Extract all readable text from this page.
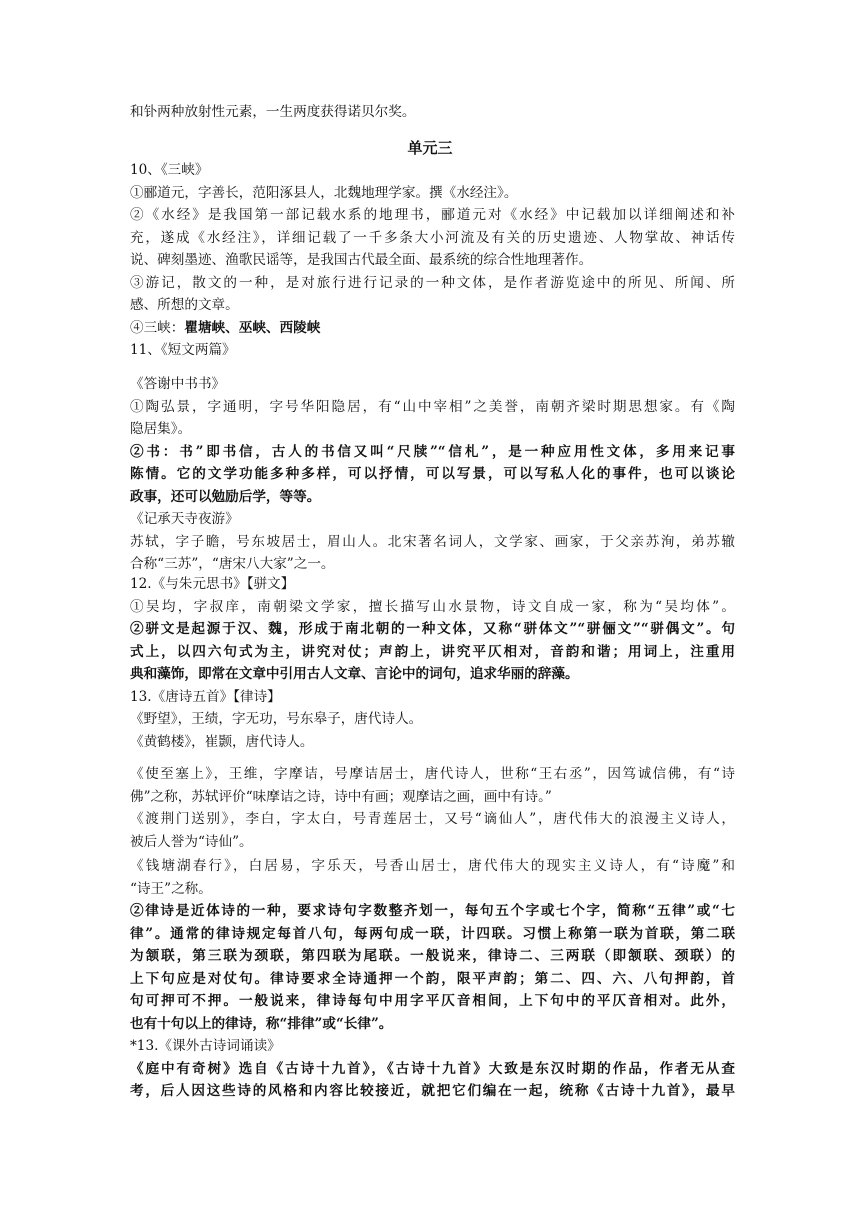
和钋两种放射性元素，一生两度获得诺贝尔奖。
单元三
10、《三峡》
①郦道元，字善长，范阳涿县人，北魏地理学家。撰《水经注》。
②《水经》是我国第一部记载水系的地理书，郦道元对《水经》中记载加以详细阐述和补
充，遂成《水经注》，详细记载了一千多条大小河流及有关的历史遗迹、人物掌故、神话传
说、碑刻墨迹、渔歌民谣等，是我国古代最全面、最系统的综合性地理著作。
③游记，散文的一种，是对旅行进行记录的一种文体，是作者游览途中的所见、所闻、所
感、所想的文章。
④三峡：瞿塘峡、巫峡、西陵峡
11、《短文两篇》
《答谢中书书》
①陶弘景，字通明，字号华阳隐居，有“山中宰相”之美誉，南朝齐梁时期思想家。有《陶
隐居集》。
②书：书”即书信，古人的书信又叫“尺牍”“信札”，是一种应用性文体，多用来记事
陈情。它的文学功能多种多样，可以抒情，可以写景，可以写私人化的事件，也可以谈论
政事，还可以勉励后学，等等。
《记承天寺夜游》
苏轼，字子瞻，号东坡居士，眉山人。北宋著名词人，文学家、画家，于父亲苏洵，弟苏辙
合称“三苏”，“唐宋八大家”之一。
12.《与朱元思书》【骈文】
①吴均，字叔庠，南朝梁文学家，擅长描写山水景物，诗文自成一家，称为“吴均体”。
②骈文是起源于汉、魏，形成于南北朝的一种文体，又称“骈体文”“骈俪文”“骈偶文”。句
式上，以四六句式为主，讲究对仗；声韵上，讲究平仄相对，音韵和谐；用词上，注重用
典和藻饰，即常在文章中引用古人文章、言论中的词句，追求华丽的辞藻。
13.《唐诗五首》【律诗】
《野望》，王绩，字无功，号东皋子，唐代诗人。
《黄鹤楼》，崔颢，唐代诗人。
《使至塞上》，王维，字摩诘，号摩诘居士，唐代诗人，世称“王右丞”，因笃诚信佛，有“诗
佛”之称，苏轼评价“味摩诘之诗，诗中有画；观摩诘之画，画中有诗。”
《渡荆门送别》，李白，字太白，号青莲居士，又号“谪仙人”，唐代伟大的浪漫主义诗人，
被后人誉为“诗仙”。
《钱塘湖春行》，白居易，字乐天，号香山居士，唐代伟大的现实主义诗人，有“诗魔”和
“诗王”之称。
②律诗是近体诗的一种，要求诗句字数整齐划一，每句五个字或七个字，简称“五律”或“七
律”。通常的律诗规定每首八句，每两句成一联，计四联。习惯上称第一联为首联，第二联
为颔联，第三联为颈联，第四联为尾联。一般说来，律诗二、三两联（即颔联、颈联）的
上下句应是对仗句。律诗要求全诗通押一个韵，限平声韵；第二、四、六、八句押韵，首
句可押可不押。一般说来，律诗每句中用字平仄音相间，上下句中的平仄音相对。此外，
也有十句以上的律诗，称“排律”或“长律”。
*13.《课外古诗词诵读》
《庭中有奇树》选自《古诗十九首》，《古诗十九首》大致是东汉时期的作品，作者无从查
考，后人因这些诗的风格和内容比较接近，就把它们编在一起，统称《古诗十九首》，最早
